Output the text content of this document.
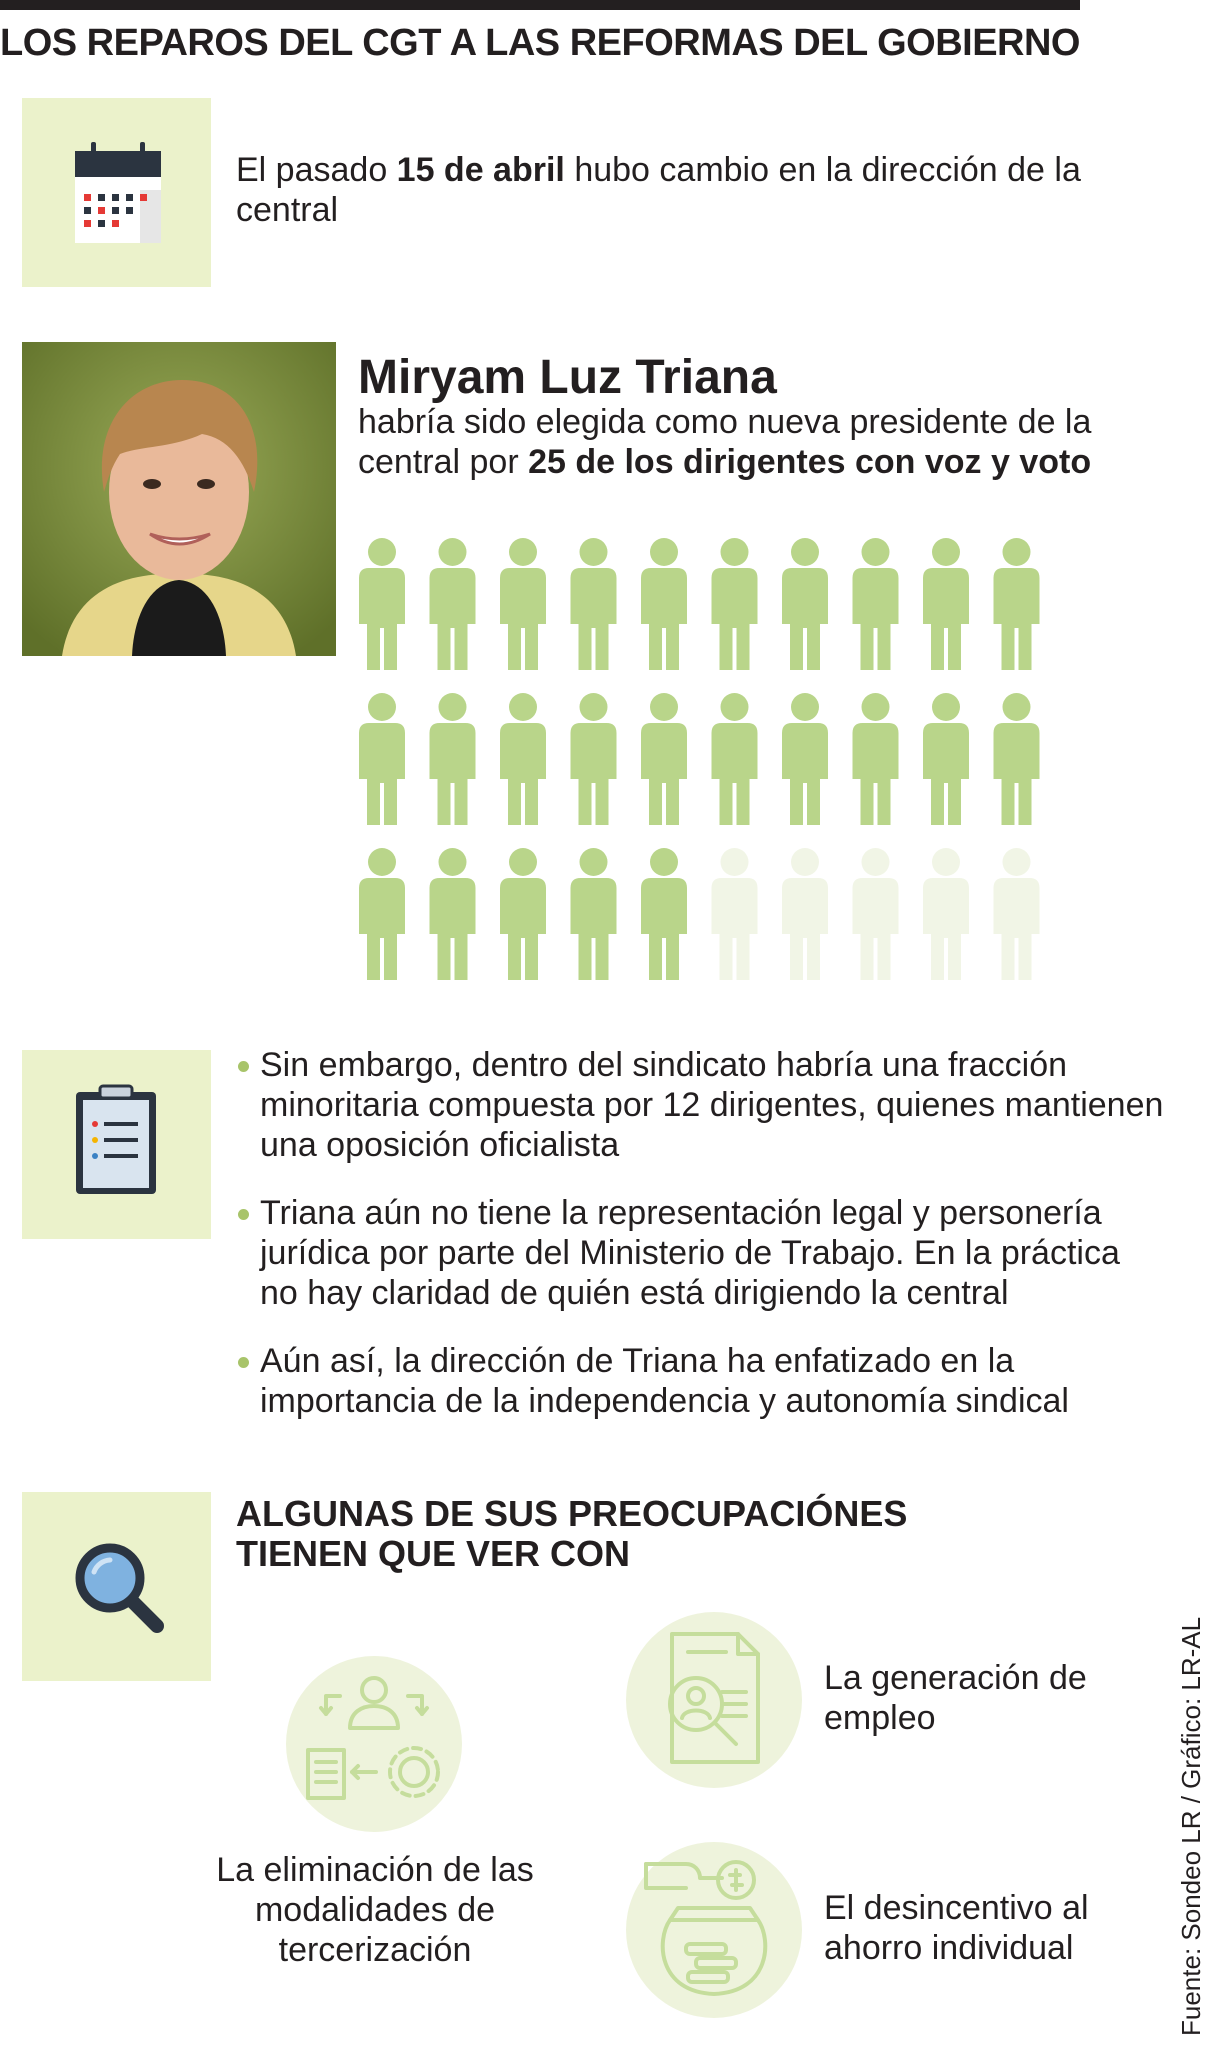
LOS REPAROS DEL CGT A LAS REFORMAS DEL GOBIERNO
El pasado 15 de abril hubo cambio en la dirección de la central
Miryam Luz Triana
habría sido elegida como nueva presidente de la central por 25 de los dirigentes con voz y voto
Sin embargo, dentro del sindicato habría una fracción minoritaria compuesta por 12 dirigentes, quienes mantienen una oposición oficialista
Triana aún no tiene la representación legal y personería jurídica por parte del Ministerio de Trabajo. En la práctica no hay claridad de quién está dirigiendo la central
Aún así, la dirección de Triana ha enfatizado en la importancia de la independencia y autonomía sindical
ALGUNAS DE SUS PREOCUPACIÓNES TIENEN QUE VER CON
La eliminación de las modalidades de tercerización
La generación de empleo
El desincentivo al ahorro individual	Fuente: Sondeo LR / Gráfico: LR-AL
